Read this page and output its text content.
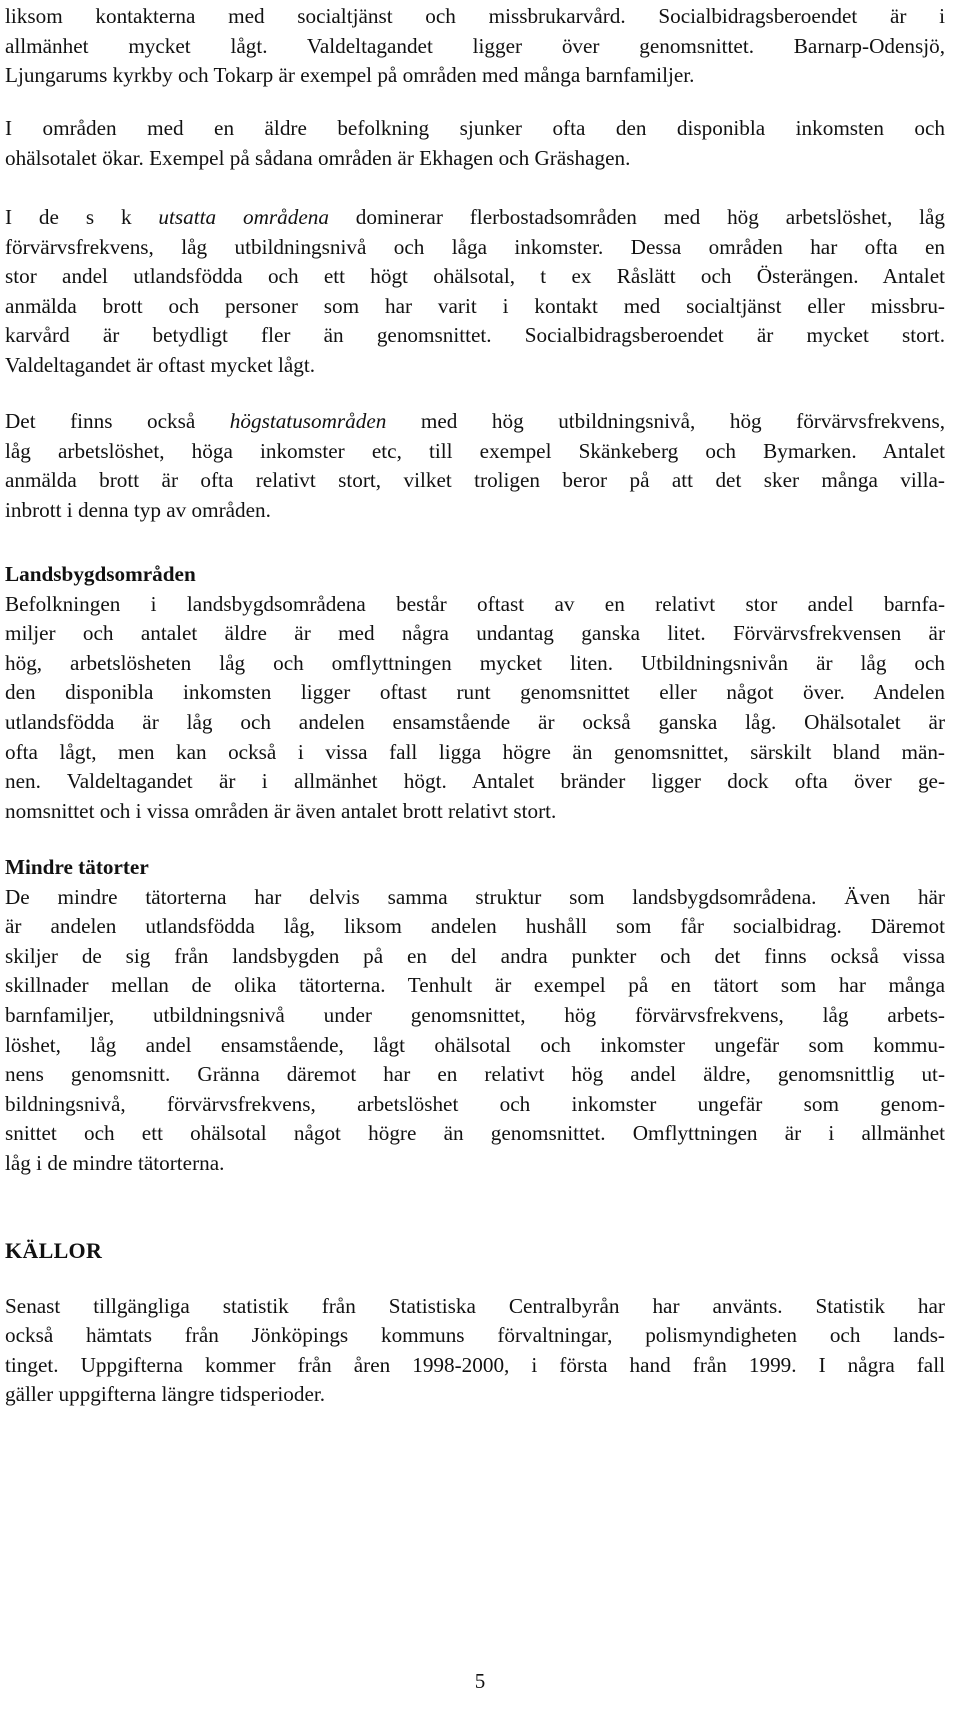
liksom kontakterna med socialtjänst och missbrukarvård. Socialbidragsberoendet är i
allmänhet mycket lågt. Valdeltagandet ligger över genomsnittet. Barnarp-Odensjö,
Ljungarums kyrkby och Tokarp är exempel på områden med många barnfamiljer.

I områden med en äldre befolkning sjunker ofta den disponibla inkomsten och
ohälsotalet ökar. Exempel på sådana områden är Ekhagen och Gräshagen.

I de s k utsatta områdena dominerar flerbostadsområden med hög arbetslöshet, låg
förvärvsfrekvens, låg utbildningsnivå och låga inkomster. Dessa områden har ofta en
stor andel utlandsfödda och ett högt ohälsotal, t ex Råslätt och Österängen. Antalet
anmälda brott och personer som har varit i kontakt med socialtjänst eller missbru-
karvård är betydligt fler än genomsnittet. Socialbidragsberoendet är mycket stort.
Valdeltagandet är oftast mycket lågt.

Det finns också högstatusområden med hög utbildningsnivå, hög förvärvsfrekvens,
låg arbetslöshet, höga inkomster etc, till exempel Skänkeberg och Bymarken. Antalet
anmälda brott är ofta relativt stort, vilket troligen beror på att det sker många villa-
inbrott i denna typ av områden.

Landsbygdsområden
Befolkningen i landsbygdsområdena består oftast av en relativt stor andel barnfa-
miljer och antalet äldre är med några undantag ganska litet. Förvärvsfrekvensen är
hög, arbetslösheten låg och omflyttningen mycket liten. Utbildningsnivån är låg och
den disponibla inkomsten ligger oftast runt genomsnittet eller något över. Andelen
utlandsfödda är låg och andelen ensamstående är också ganska låg. Ohälsotalet är
ofta lågt, men kan också i vissa fall ligga högre än genomsnittet, särskilt bland män-
nen. Valdeltagandet är i allmänhet högt. Antalet bränder ligger dock ofta över ge-
nomsnittet och i vissa områden är även antalet brott relativt stort.
Mindre tätorter
De mindre tätorterna har delvis samma struktur som landsbygdsområdena. Även här
är andelen utlandsfödda låg, liksom andelen hushåll som får socialbidrag. Däremot
skiljer de sig från landsbygden på en del andra punkter och det finns också vissa
skillnader mellan de olika tätorterna. Tenhult är exempel på en tätort som har många
barnfamiljer, utbildningsnivå under genomsnittet, hög förvärvsfrekvens, låg arbets-
löshet, låg andel ensamstående, lågt ohälsotal och inkomster ungefär som kommu-
nens genomsnitt. Gränna däremot har en relativt hög andel äldre, genomsnittlig ut-
bildningsnivå, förvärvsfrekvens, arbetslöshet och inkomster ungefär som genom-
snittet och ett ohälsotal något högre än genomsnittet. Omflyttningen är i allmänhet
låg i de mindre tätorterna.
KÄLLOR
Senast tillgängliga statistik från Statistiska Centralbyrån har använts. Statistik har
också hämtats från Jönköpings kommuns förvaltningar, polismyndigheten och lands-
tinget. Uppgifterna kommer från åren 1998-2000, i första hand från 1999. I några fall
gäller uppgifterna längre tidsperioder.
5
